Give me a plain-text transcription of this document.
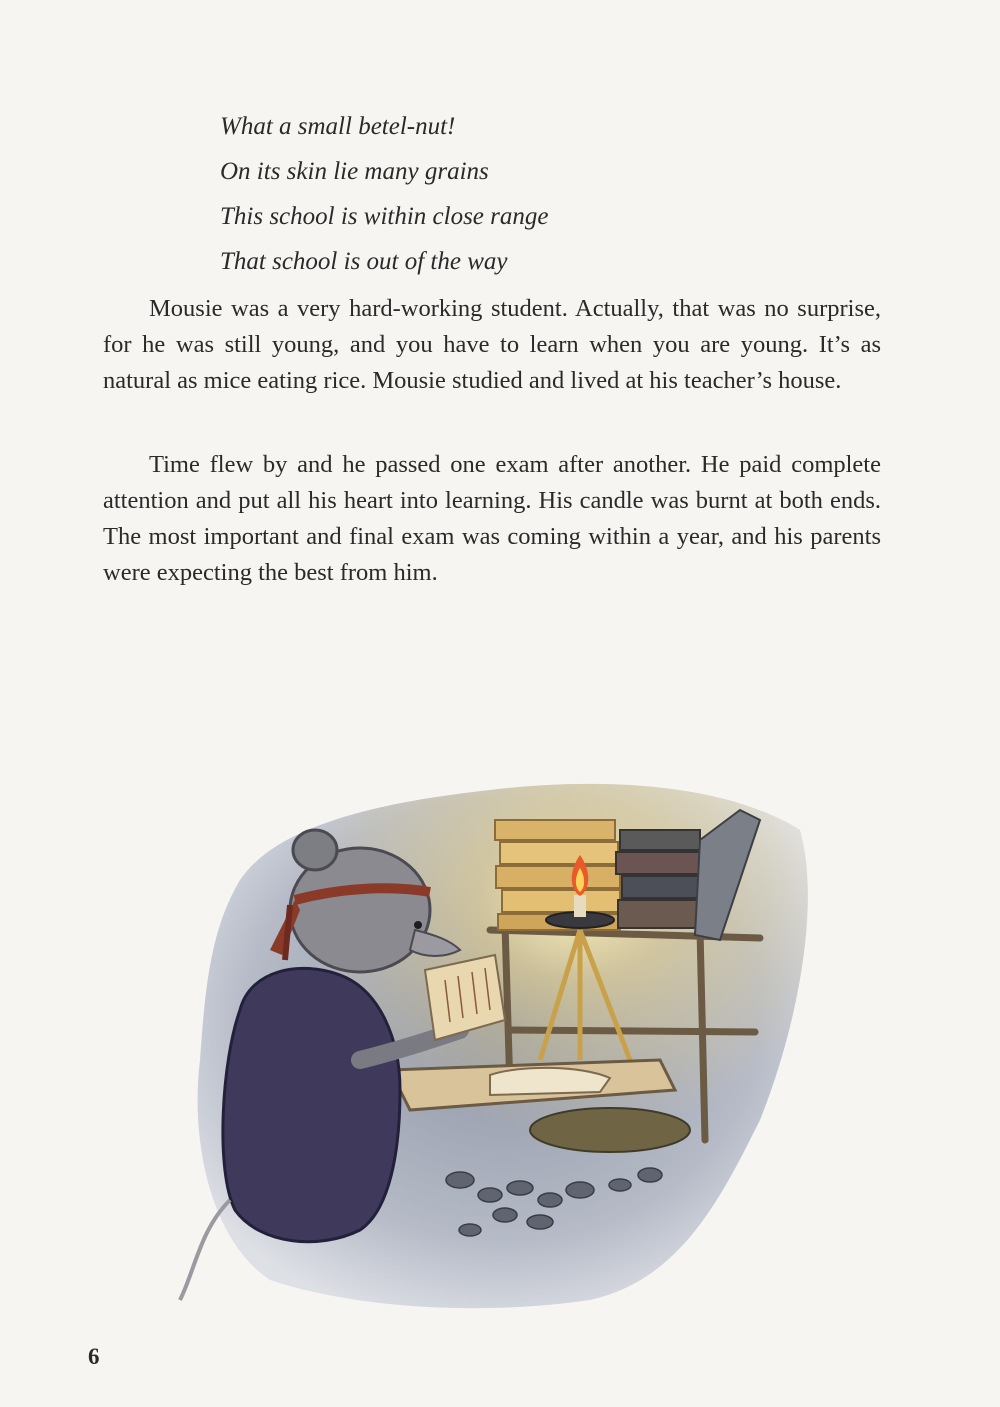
What a small betel-nut!
On its skin lie many grains
This school is within close range
That school is out of the way

Mousie was a very hard-working student. Actually, that was no surprise, for he was still young, and you have to learn when you are young. It’s as natural as mice eating rice. Mousie studied and lived at his teacher’s house.

Time flew by and he passed one exam after another. He paid complete attention and put all his heart into learning. His candle was burnt at both ends. The most important and final exam was coming within a year, and his parents were expecting the best from him.

6
